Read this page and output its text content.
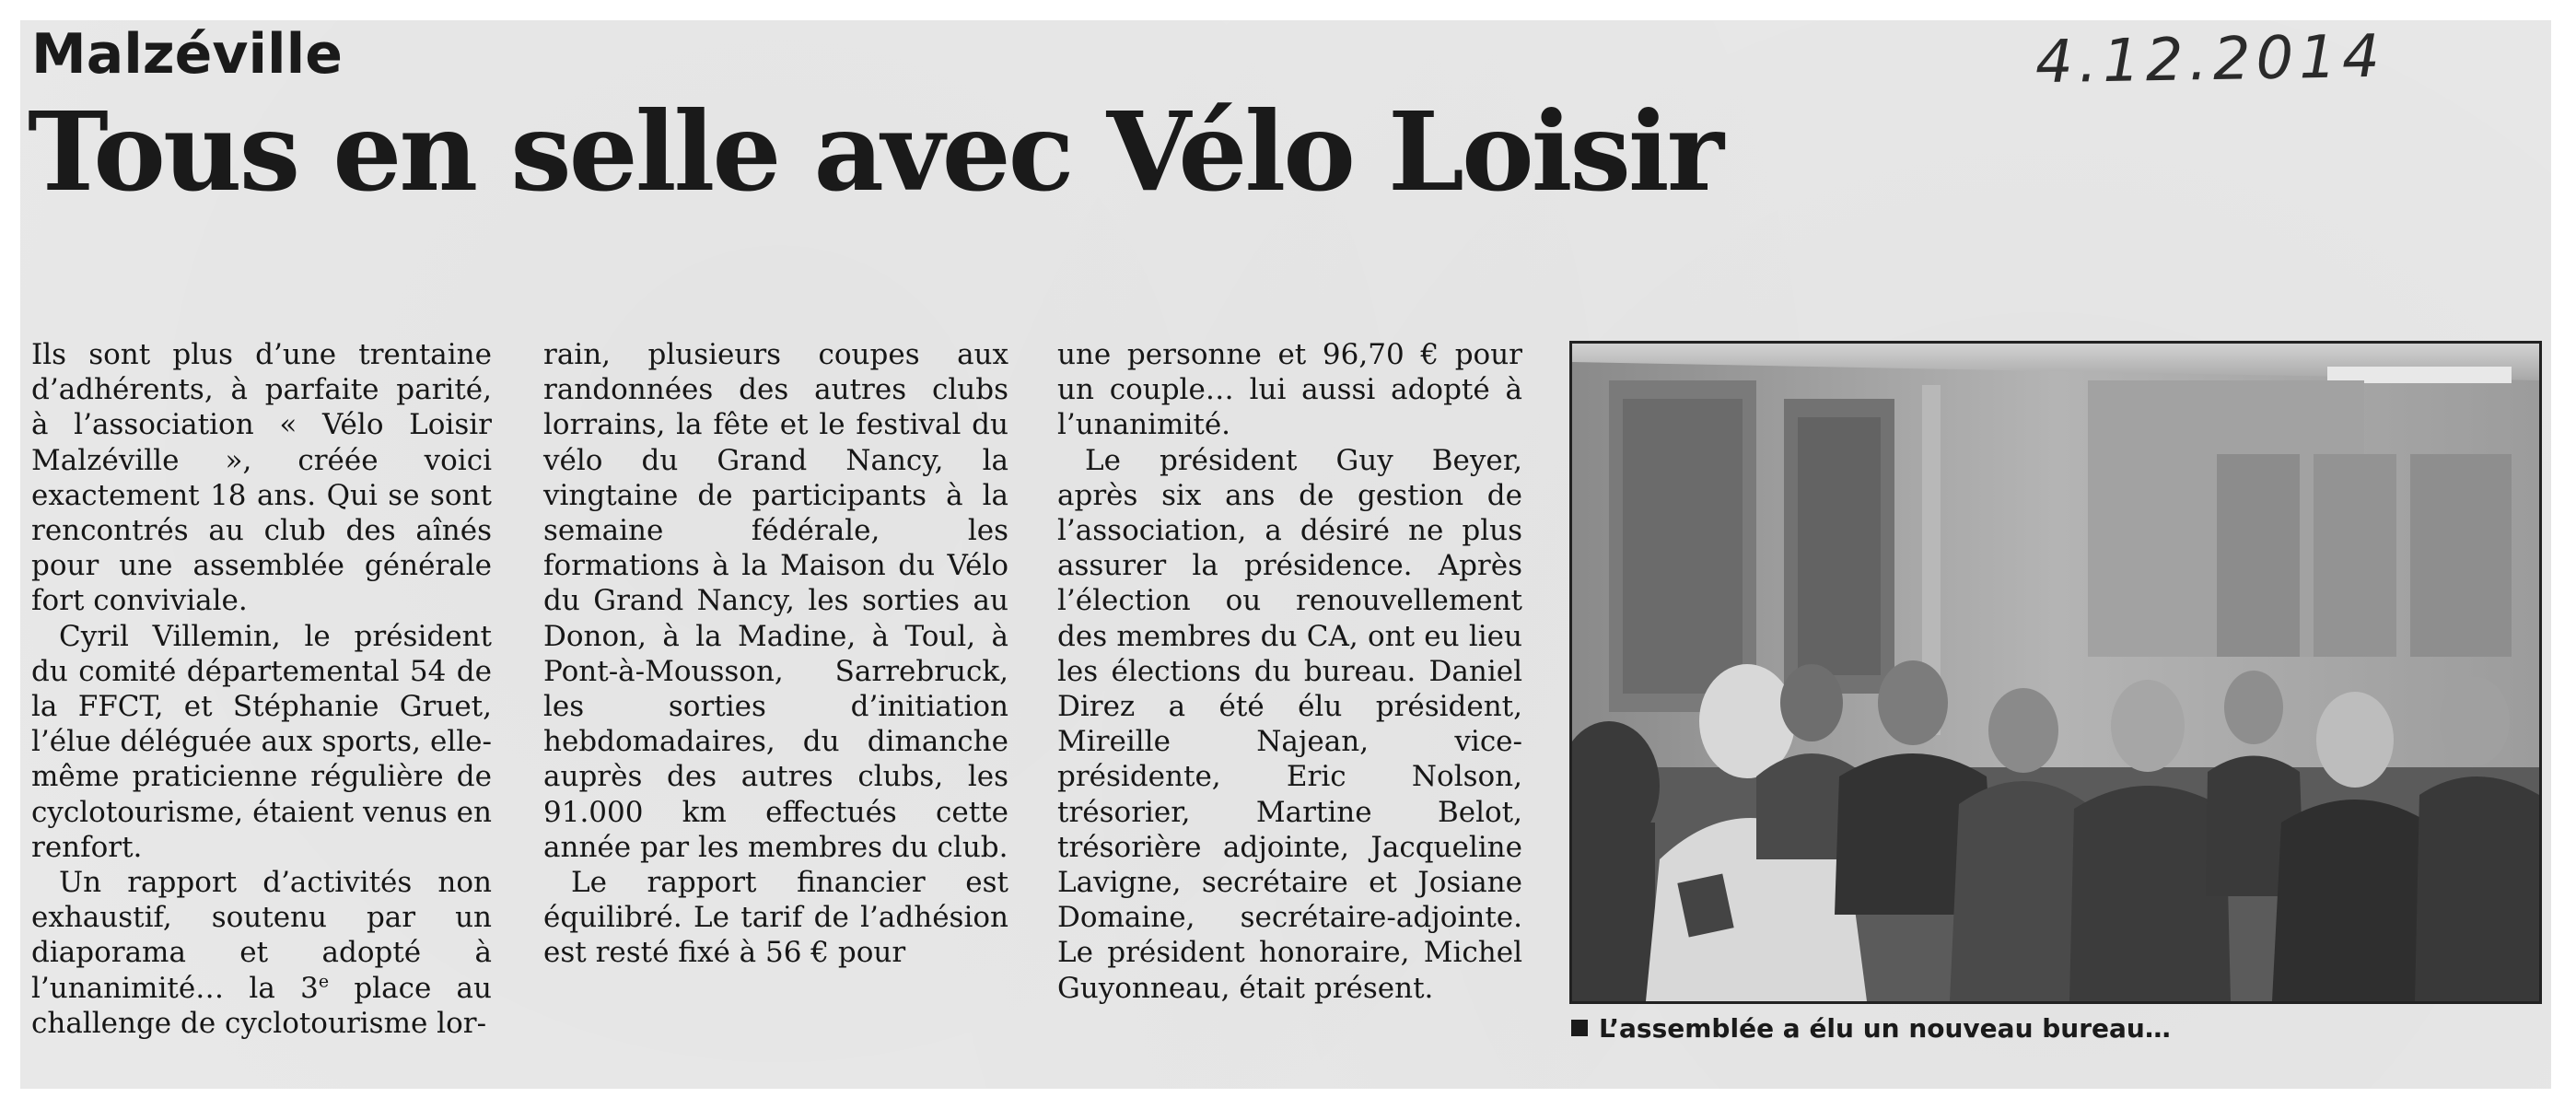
Malzéville
Tous en selle avec Vélo Loisir
4.12.2014

Ils sont plus d’une trentaine d’adhérents, à parfaite parité, à l’association « Vélo Loisir Malzéville », créée voici exactement 18 ans. Qui se sont rencontrés au club des aînés pour une assemblée générale fort conviviale.

Cyril Villemin, le président du comité départemental 54 de la FFCT, et Stéphanie Gruet, l’élue déléguée aux sports, elle-même praticienne régulière de cyclotourisme, étaient venus en renfort.

Un rapport d’activités non exhaustif, soutenu par un diaporama et adopté à l’unanimité… la 3e place au challenge de cyclotourisme lor-

rain, plusieurs coupes aux randonnées des autres clubs lorrains, la fête et le festival du vélo du Grand Nancy, la vingtaine de participants à la semaine fédérale, les formations à la Maison du Vélo du Grand Nancy, les sorties au Donon, à la Madine, à Toul, à Pont-à-Mousson, Sarrebruck, les sorties d’initiation hebdomadaires, du dimanche auprès des autres clubs, les 91.000 km effectués cette année par les membres du club.

Le rapport financier est équilibré. Le tarif de l’adhésion est resté fixé à 56 € pour

une personne et 96,70 € pour un couple… lui aussi adopté à l’unanimité.

Le président Guy Beyer, après six ans de gestion de l’association, a désiré ne plus assurer la présidence. Après l’élection ou renouvellement des membres du CA, ont eu lieu les élections du bureau. Daniel Direz a été élu président, Mireille Najean, vice-présidente, Eric Nolson, trésorier, Martine Belot, trésorière adjointe, Jacqueline Lavigne, secrétaire et Josiane Domaine, secrétaire-adjointe. Le président honoraire, Michel Guyonneau, était présent.

L’assemblée a élu un nouveau bureau…
